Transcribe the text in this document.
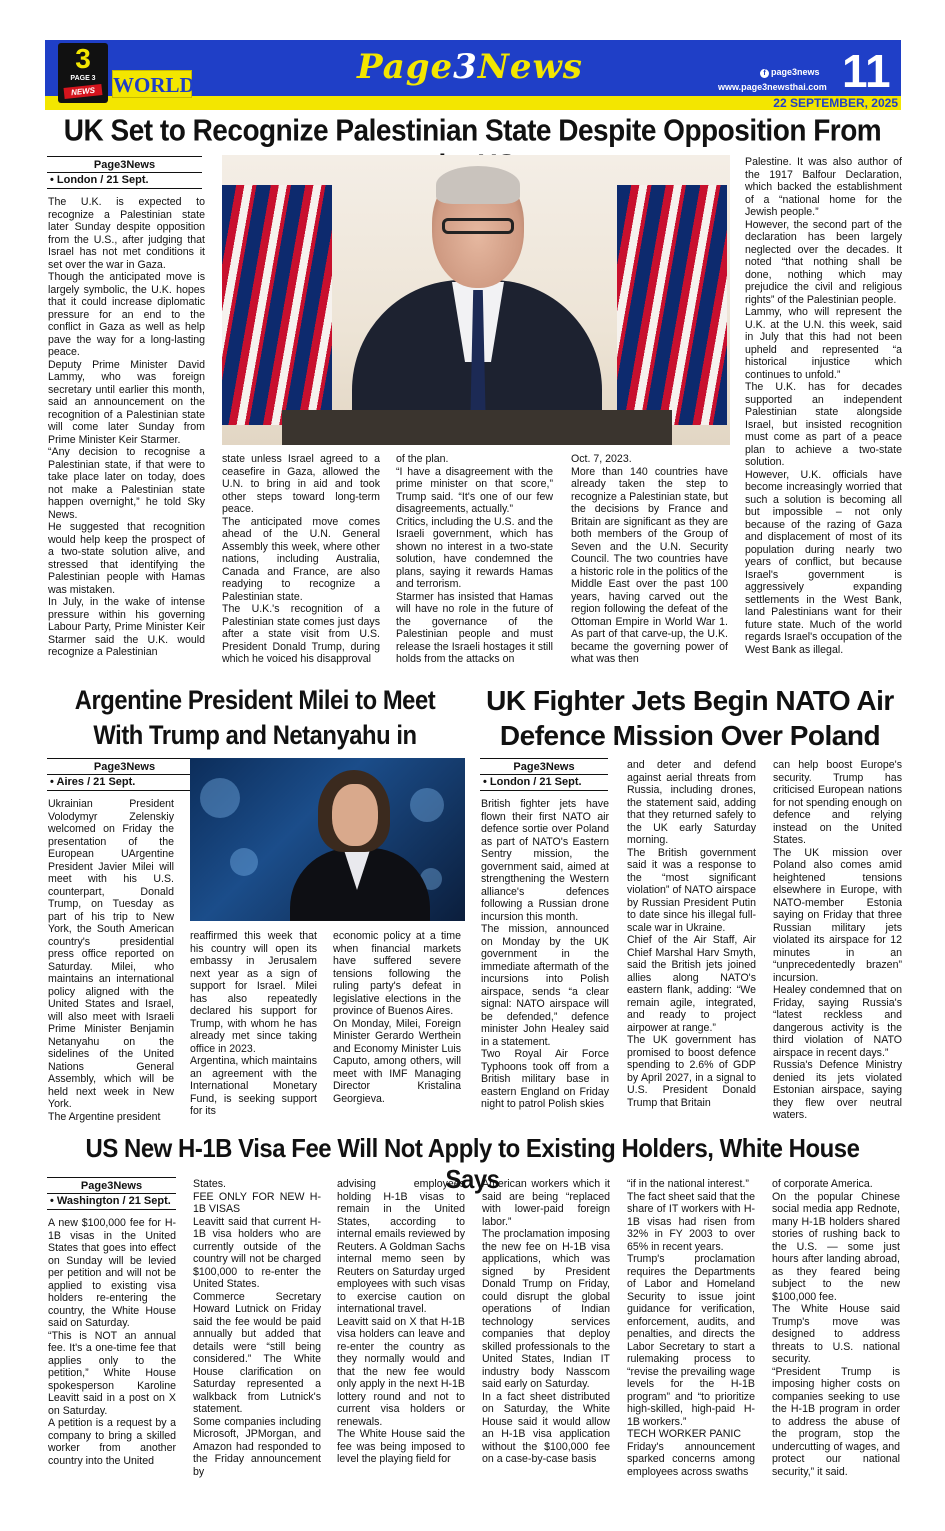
3
PAGE 3
NEWS WORLD	Page3News	f page3news
www.page3newsthai.com 11
22 SEPTEMBER, 2025
UK Set to Recognize Palestinian State Despite Opposition From
Page3News
• London / 21 Sept.

The U.K. is expected to recognize a Palestinian state later Sunday despite opposition from the U.S., after judging that Israel has not met conditions it set over the war in Gaza.

Though the anticipated move is largely symbolic, the U.K. hopes that it could increase diplomatic pressure for an end to the conflict in Gaza as well as help pave the way for a long-lasting peace.

Deputy Prime Minister David Lammy, who was foreign secretary until earlier this month, said an announcement on the recognition of a Palestinian state will come later Sunday from Prime Minister Keir Starmer.

“Any decision to recognise a Palestinian state, if that were to take place later on today, does not make a Palestinian state happen overnight,” he told Sky News.

He suggested that recognition would help keep the prospect of a two-state solution alive, and stressed that identifying the Palestinian people with Hamas was mistaken.

In July, in the wake of intense pressure within his governing Labour Party, Prime Minister Keir Starmer said the U.K. would recognize a Palestinian

state unless Israel agreed to a ceasefire in Gaza, allowed the U.N. to bring in aid and took other steps toward long-term peace.

The anticipated move comes ahead of the U.N. General Assembly this week, where other nations, including Australia, Canada and France, are also readying to recognize a Palestinian state.

The U.K.'s recognition of a Palestinian state comes just days after a state visit from U.S. President Donald Trump, during which he voiced his disapproval

of the plan.

“I have a disagreement with the prime minister on that score,” Trump said. “It's one of our few disagreements, actually.”

Critics, including the U.S. and the Israeli government, which has shown no interest in a two-state solution, have condemned the plans, saying it rewards Hamas and terrorism.

Starmer has insisted that Hamas will have no role in the future of the governance of the Palestinian people and must release the Israeli hostages it still holds from the attacks on

Oct. 7, 2023.

More than 140 countries have already taken the step to recognize a Palestinian state, but the decisions by France and Britain are significant as they are both members of the Group of Seven and the U.N. Security Council. The two countries have a historic role in the politics of the Middle East over the past 100 years, having carved out the region following the defeat of the Ottoman Empire in World War 1. As part of that carve-up, the U.K. became the governing power of what was then

Palestine. It was also author of the 1917 Balfour Declaration, which backed the establishment of a “national home for the Jewish people.”

However, the second part of the declaration has been largely neglected over the decades. It noted “that nothing shall be done, nothing which may prejudice the civil and religious rights” of the Palestinian people.

Lammy, who will represent the U.K. at the U.N. this week, said in July that this had not been upheld and represented “a historical injustice which continues to unfold.”

The U.K. has for decades supported an independent Palestinian state alongside Israel, but insisted recognition must come as part of a peace plan to achieve a two-state solution.

However, U.K. officials have become increasingly worried that such a solution is becoming all but impossible – not only because of the razing of Gaza and displacement of most of its population during nearly two years of conflict, but because Israel's government is aggressively expanding settlements in the West Bank, land Palestinians want for their future state. Much of the world regards Israel's occupation of the West Bank as illegal.

Argentine President Milei to Meet With Trump and Netanyahu in
Page3News
• Aires / 21 Sept.

Ukrainian President Volodymyr Zelenskiy welcomed on Friday the presentation of the European UArgentine President Javier Milei will meet with his U.S. counterpart, Donald Trump, on Tuesday as part of his trip to New York, the South American country's presidential press office reported on Saturday. Milei, who maintains an international policy aligned with the United States and Israel, will also meet with Israeli Prime Minister Benjamin Netanyahu on the sidelines of the United Nations General Assembly, which will be held next week in New York.

The Argentine president

reaffirmed this week that his country will open its embassy in Jerusalem next year as a sign of support for Israel. Milei has also repeatedly declared his support for Trump, with whom he has already met since taking office in 2023.

Argentina, which maintains an agreement with the International Monetary Fund, is seeking support for its

economic policy at a time when financial markets have suffered severe tensions following the ruling party's defeat in legislative elections in the province of Buenos Aires.

On Monday, Milei, Foreign Minister Gerardo Werthein and Economy Minister Luis Caputo, among others, will meet with IMF Managing Director Kristalina Georgieva.

UK Fighter Jets Begin NATO Air Defence Mission Over Poland
Page3News
• London / 21 Sept.

British fighter jets have flown their first NATO air defence sortie over Poland as part of NATO's Eastern Sentry mission, the government said, aimed at strengthening the Western alliance's defences following a Russian drone incursion this month.

The mission, announced on Monday by the UK government in the immediate aftermath of the incursions into Polish airspace, sends “a clear signal: NATO airspace will be defended,” defence minister John Healey said in a statement.

Two Royal Air Force Typhoons took off from a British military base in eastern England on Friday night to patrol Polish skies

and deter and defend against aerial threats from Russia, including drones, the statement said, adding that they returned safely to the UK early Saturday morning.

The British government said it was a response to the “most significant violation” of NATO airspace by Russian President Putin to date since his illegal full-scale war in Ukraine.

Chief of the Air Staff, Air Chief Marshal Harv Smyth, said the British jets joined allies along NATO's eastern flank, adding: “We remain agile, integrated, and ready to project airpower at range.”

The UK government has promised to boost defence spending to 2.6% of GDP by April 2027, in a signal to U.S. President Donald Trump that Britain

can help boost Europe's security. Trump has criticised European nations for not spending enough on defence and relying instead on the United States.

The UK mission over Poland also comes amid heightened tensions elsewhere in Europe, with NATO-member Estonia saying on Friday that three Russian military jets violated its airspace for 12 minutes in an “unprecedentedly brazen” incursion.

Healey condemned that on Friday, saying Russia's “latest reckless and dangerous activity is the third violation of NATO airspace in recent days.”

Russia's Defence Ministry denied its jets violated Estonian airspace, saying they flew over neutral waters.

US New H-1B Visa Fee Will Not Apply to Existing Holders, White House Says
Page3News
• Washington / 21 Sept.

A new $100,000 fee for H-1B visas in the United States that goes into effect on Sunday will be levied per petition and will not be applied to existing visa holders re-entering the country, the White House said on Saturday.

“This is NOT an annual fee. It's a one-time fee that applies only to the petition,” White House spokesperson Karoline Leavitt said in a post on X on Saturday.

A petition is a request by a company to bring a skilled worker from another country into the United

States.

FEE ONLY FOR NEW H-1B VISAS

Leavitt said that current H-1B visa holders who are currently outside of the country will not be charged $100,000 to re-enter the United States.

Commerce Secretary Howard Lutnick on Friday said the fee would be paid annually but added that details were “still being considered.” The White House clarification on Saturday represented a walkback from Lutnick's statement.

Some companies including Microsoft, JPMorgan, and Amazon had responded to the Friday announcement by

advising employees holding H-1B visas to remain in the United States, according to internal emails reviewed by Reuters. A Goldman Sachs internal memo seen by Reuters on Saturday urged employees with such visas to exercise caution on international travel.

Leavitt said on X that H-1B visa holders can leave and re-enter the country as they normally would and that the new fee would only apply in the next H-1B lottery round and not to current visa holders or renewals.

The White House said the fee was being imposed to level the playing field for

American workers which it said are being “replaced with lower-paid foreign labor.”

The proclamation imposing the new fee on H-1B visa applications, which was signed by President Donald Trump on Friday, could disrupt the global operations of Indian technology services companies that deploy skilled professionals to the United States, Indian IT industry body Nasscom said early on Saturday.

In a fact sheet distributed on Saturday, the White House said it would allow an H-1B visa application without the $100,000 fee on a case-by-case basis

“if in the national interest.”

The fact sheet said that the share of IT workers with H-1B visas had risen from 32% in FY 2003 to over 65% in recent years.

Trump's proclamation requires the Departments of Labor and Homeland Security to issue joint guidance for verification, enforcement, audits, and penalties, and directs the Labor Secretary to start a rulemaking process to “revise the prevailing wage levels for the H-1B program” and “to prioritize high-skilled, high-paid H-1B workers.”

TECH WORKER PANIC

Friday's announcement sparked concerns among employees across swaths

of corporate America.

On the popular Chinese social media app Rednote, many H-1B holders shared stories of rushing back to the U.S. — some just hours after landing abroad, as they feared being subject to the new $100,000 fee.

The White House said Trump's move was designed to address threats to U.S. national security.

“President Trump is imposing higher costs on companies seeking to use the H-1B program in order to address the abuse of the program, stop the undercutting of wages, and protect our national security,” it said.
